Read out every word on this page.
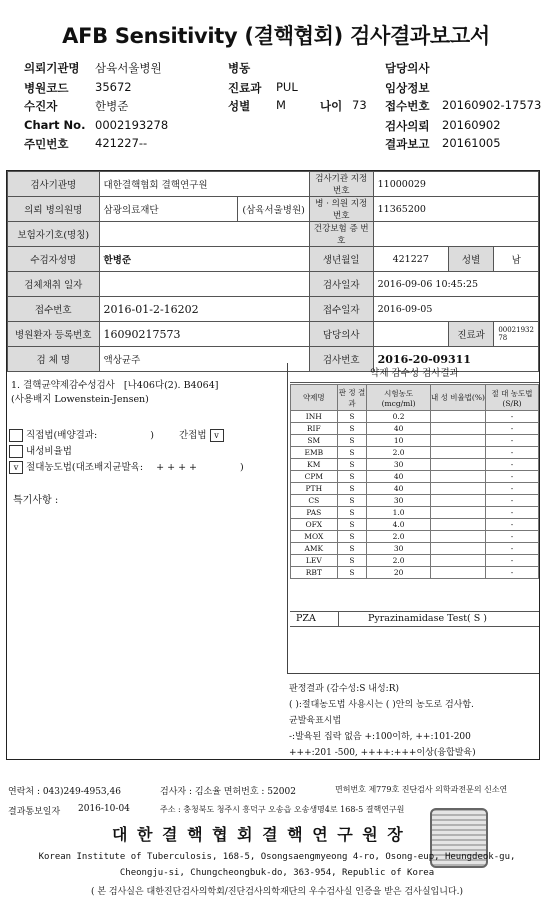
AFB Sensitivity (결핵협회) 검사결과보고서
의뢰기관명 삼육서울병원	병동	담당의사
병원코드 35672	진료과 PUL	임상정보
수진자	한병준	성별 M	나이 73 접수번호 20160902-17573
Chart No. 0002193278	검사의뢰 20160902
주민번호 421227--	결과보고 20161005
검사기관명	대한결핵협회 결핵연구원		검사기관 지정번호	11000029		
의뢰 병의원명	삼광의료재단	(삼육서울병원)	병 · 의원 지정번호	11365200		
보험자기호(명칭)			건강보험 증 번 호			
수검자성명	한병준		생년월일	421227	성별	남
검체채취 일자			검사일자	2016-09-06 10:45:25		
접수번호	2016-01-2-16202		접수일자	2016-09-05		
병원환자 등록번호	16090217573		담당의사		진료과	00021932 78
검 체 명	액상균주		검사번호	2016-20-09311		
1. 결핵균약제감수성검사 [나406다(2). B4064]
(사용배지 Lowenstein-Jensen)
직접법(배양결과:	)	간접법 v
내성비율법
v 절대농도법(대조배지균발육: + + + +	)
특기사항 :
약제 감수성 검사결과
약제명	판 정 결 과	시험농도 (mcg/ml)	내 성 비율법(%)	절 대 농도법(S/R)
INH	S	0.2		-
RIF	S	40		-
SM	S	10		-
EMB	S	2.0		-
KM	S	30		-
CPM	S	40		-
PTH	S	40		-
CS	S	30		-
PAS	S	1.0		-
OFX	S	4.0		-
MOX	S	2.0		-
AMK	S	30		-
LEV	S	2.0		-
RBT	S	20		-
PZA	Pyrazinamidase Test( S )
판정결과 (감수성:S 내성:R)
( ):절대농도법 사용시는 ( )안의 농도로 검사함.
균발육표시법
-:발육된 집락 없음 +:100이하, ++:101-200
+++:201 -500, ++++:+++이상(융합발육)
연락처 : 043)249-4953,46	검사자 : 김소율 면허번호 : 52002	면허번호 제779호 진단검사 의학과전문의 신소연
결과통보일자 2016-10-04	주소 : 충청북도 청주시 흥덕구 오송읍 오송생명4로 168-5 결핵연구원
대 한 결 핵 협 회 결 핵 연 구 원 장
Korean Institute of Tuberculosis, 168-5, Osongsaengmyeong 4-ro, Osong-eup, Heungdeok-gu,
Cheongju-si, Chungcheongbuk-do, 363-954, Republic of Korea
( 본 검사실은 대한진단검사의학회/진단검사의학재단의 우수검사실 인증을 받은 검사실입니다.)
